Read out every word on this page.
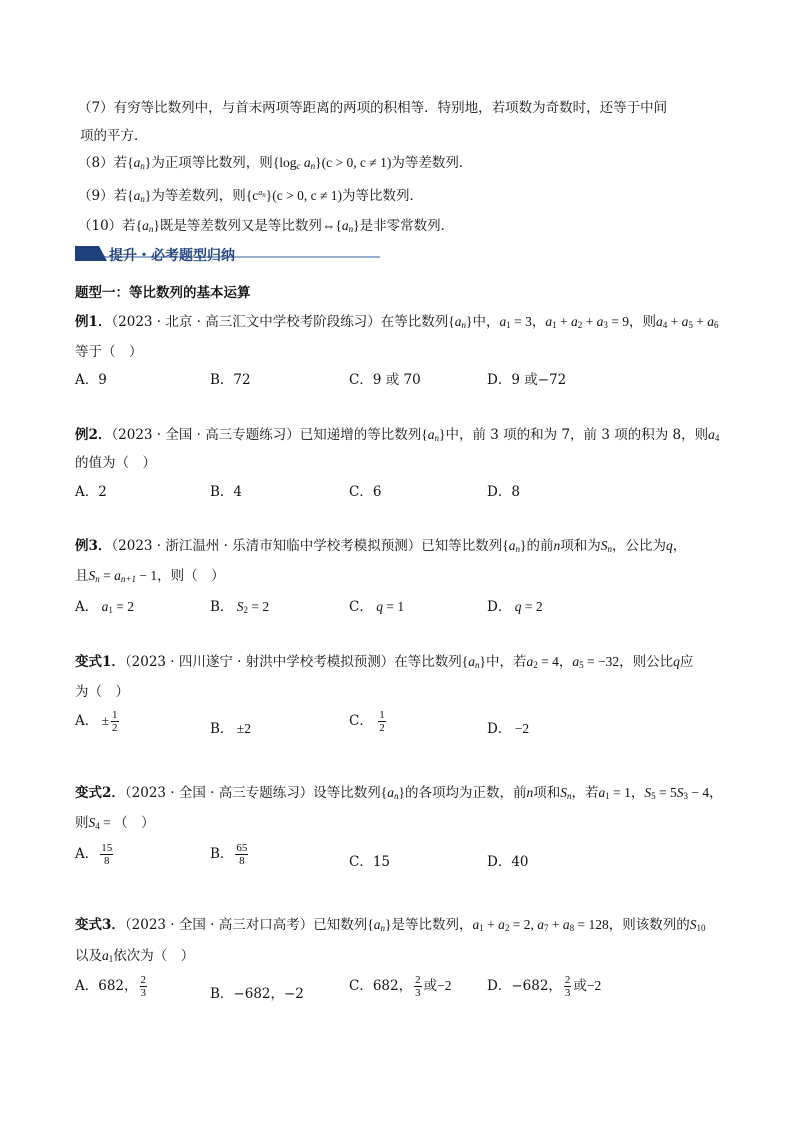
（7）有穷等比数列中，与首末两项等距离的两项的积相等．特别地，若项数为奇数时，还等于中间
项的平方．
（8）若$\{a_n\}$为正项等比数列，则{$\log_c$ $a_n\}(c > 0$, c ≠ 1)为等差数列．
（9）若$\{a_n\}$为等差数列，则$\{c^{a_n}\}(c > 0$, c ≠ 1)为等比数列．
（10）若$\{a_n\}$既是等差数列又是等比数列$\Leftrightarrow\{a_n\}$是非零常数列．
提升・必考题型归纳
题型一：等比数列的基本运算
例1．（2023 · 北京 · 高三汇文中学校考阶段练习）在等比数列$\{a_n\}$中，$a_1 = 3$，$a_1 + a_2 + a_3 = 9$，则$a_4 + a_5 + a_6$
等于（　）
A．9	B．72	C．9 或 70	D．9 或−72
例2．（2023 · 全国 · 高三专题练习）已知递增的等比数列$\{a_n\}$中，前 3 项的和为 7，前 3 项的积为 8，则$a_4$
的值为（　）
A．2	B．4	C．6	D．8
例3．（2023 · 浙江温州 · 乐清市知临中学校考模拟预测）已知等比数列$\{a_n\}$的前n项和为$S_n$，公比为q，
且$S_n = a_{n+1} - 1$，则（　）
A． $a_1 = 2$	B． $S_2 = 2$	C． q = 1	D． q = 2
变式1．（2023 · 四川遂宁 · 射洪中学校考模拟预测）在等比数列$\{a_n\}$中，若$a_2 = 4$，$a_5 = -32$，则公比q应
为（　）
A． ± $\frac{1}{2}$	B． ±2	C． $\frac{1}{2}$	D． −2
变式2．（2023 · 全国 · 高三专题练习）设等比数列$\{a_n\}$的各项均为正数，前n项和$S_n$，若$a_1 = 1$，$S_5 = 5S_3 - 4$，
则$S_4$ = （　）
A． $\frac{15}{8}$	B． $\frac{65}{8}$	C．15	D．40
变式3．（2023 · 全国 · 高三对口高考）已知数列$\{a_n\}$是等比数列，$a_1 + a_2 = 2$, $a_7 + a_8 = 128$，则该数列的$S_{10}$
以及$a_1$依次为（　）
A．682， $\frac{2}{3}$	B．−682，−2	C．682， $\frac{2}{3}$ 或−2	D．−682， $\frac{2}{3}$ 或−2
